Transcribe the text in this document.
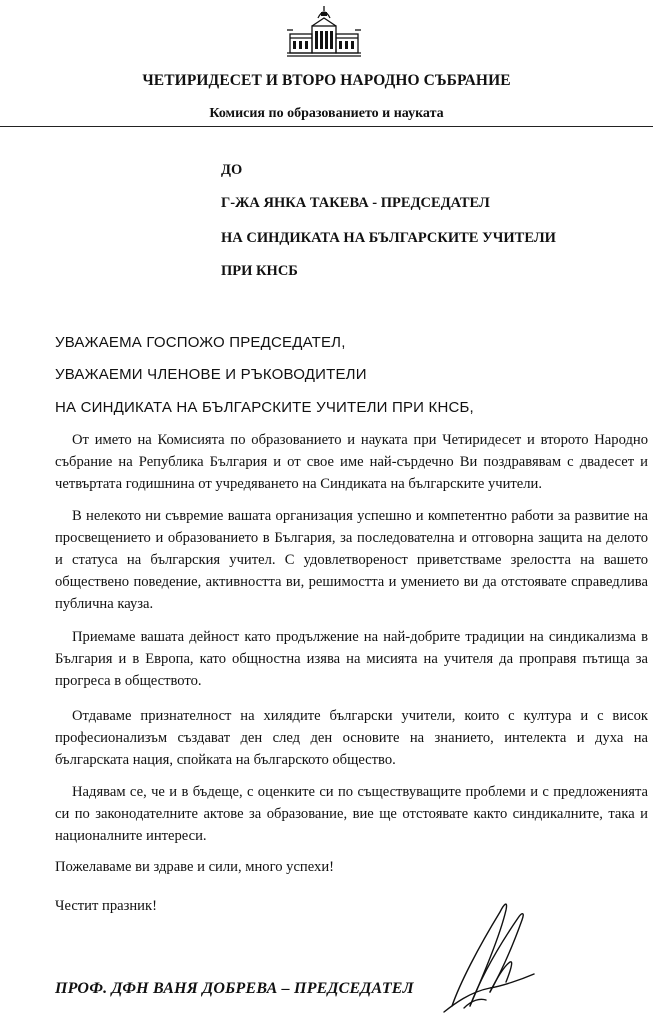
ЧЕТИРИДЕСЕТ И ВТОРО НАРОДНО СЪБРАНИЕ
Комисия по образованието и науката
ДО
Г-ЖА ЯНКА ТАКЕВА - ПРЕДСЕДАТЕЛ
НА СИНДИКАТА НА БЪЛГАРСКИТЕ УЧИТЕЛИ
ПРИ КНСБ
УВАЖАЕМА ГОСПОЖО ПРЕДСЕДАТЕЛ,
УВАЖАЕМИ ЧЛЕНОВЕ И РЪКОВОДИТЕЛИ
НА СИНДИКАТА НА БЪЛГАРСКИТЕ УЧИТЕЛИ ПРИ КНСБ,

От името на Комисията по образованието и науката при Четиридесет и второто Народно събрание на Република България и от свое име най-сърдечно Ви поздравявам с двадесет и четвъртата годишнина от учредяването на Синдиката на българските учители.

В нелекото ни съвремие вашата организация успешно и компетентно работи за развитие на просвещението и образованието в България, за последователна и отговорна защита на делото и статуса на българския учител. С удовлетвореност приветстваме зрелостта на вашето обществено поведение, активността ви, решимостта и умението ви да отстоявате справедлива публична кауза.

Приемаме вашата дейност като продължение на най-добрите традиции на синдикализма в България и в Европа, като общностна изява на мисията на учителя да проправя пътища за прогреса в обществото.

Отдаваме признателност на хилядите български учители, които с култура и с висок професионализъм създават ден след ден основите на знанието, интелекта и духа на българската нация, спойката на българското общество.

Надявам се, че и в бъдеще, с оценките си по съществуващите проблеми и с предложенията си по законодателните актове за образование, вие ще отстоявате както синдикалните, така и националните интереси.

Пожелаваме ви здраве и сили, много успехи!
Честит празник!
ПРОФ. ДФН ВАНЯ ДОБРЕВА – ПРЕДСЕДАТЕЛ
